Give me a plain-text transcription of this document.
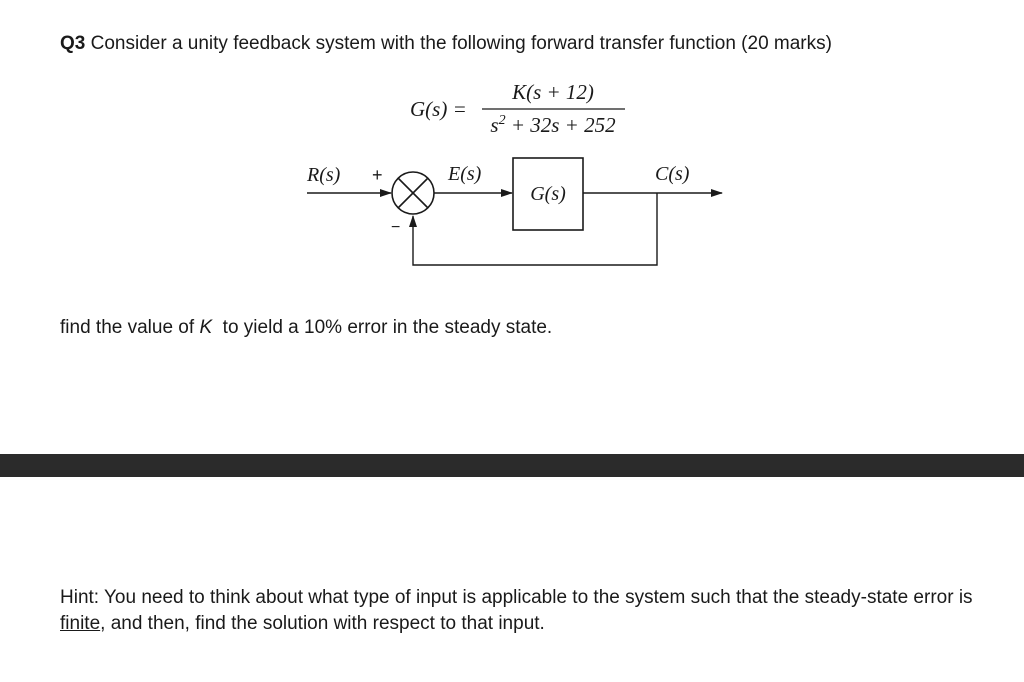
Q3 Consider a unity feedback system with the following forward transfer function (20 marks)
G(s) =
K(s + 12)
$s^2 + 32s + 252$
R(s) +
−
E(s)
G(s)
C(s)
find the value of K  to yield a 10% error in the steady state.
Hint: You need to think about what type of input is applicable to the system such that the steady-state error is finite, and then, find the solution with respect to that input.
